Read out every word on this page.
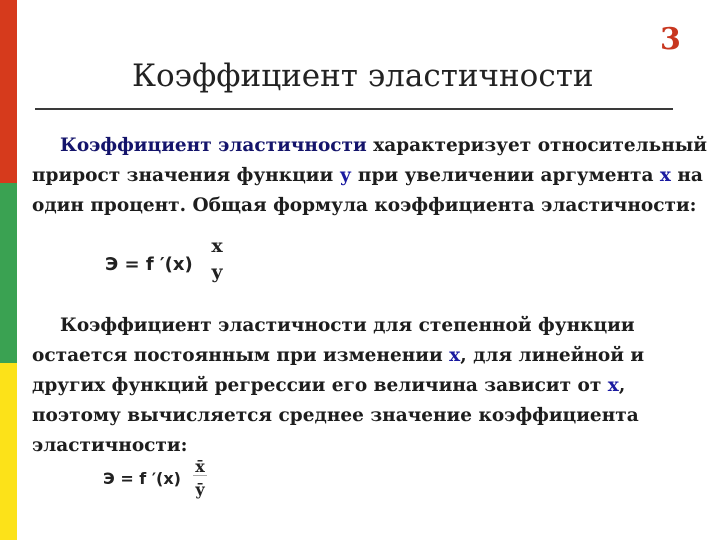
3
Коэффициент эластичности
Коэффициент эластичности характеризует относительный прирост значения функции у при увеличении аргумента х на один процент. Общая формула коэффициента эластичности:
Э = f ′(x)
x
y
Коэффициент эластичности для степенной функции остается постоянным при изменении х, для линейной и других функций регрессии его величина зависит от х, поэтому вычисляется среднее значение коэффициента эластичности:
Э = f ′(x)
x̄
ȳ
